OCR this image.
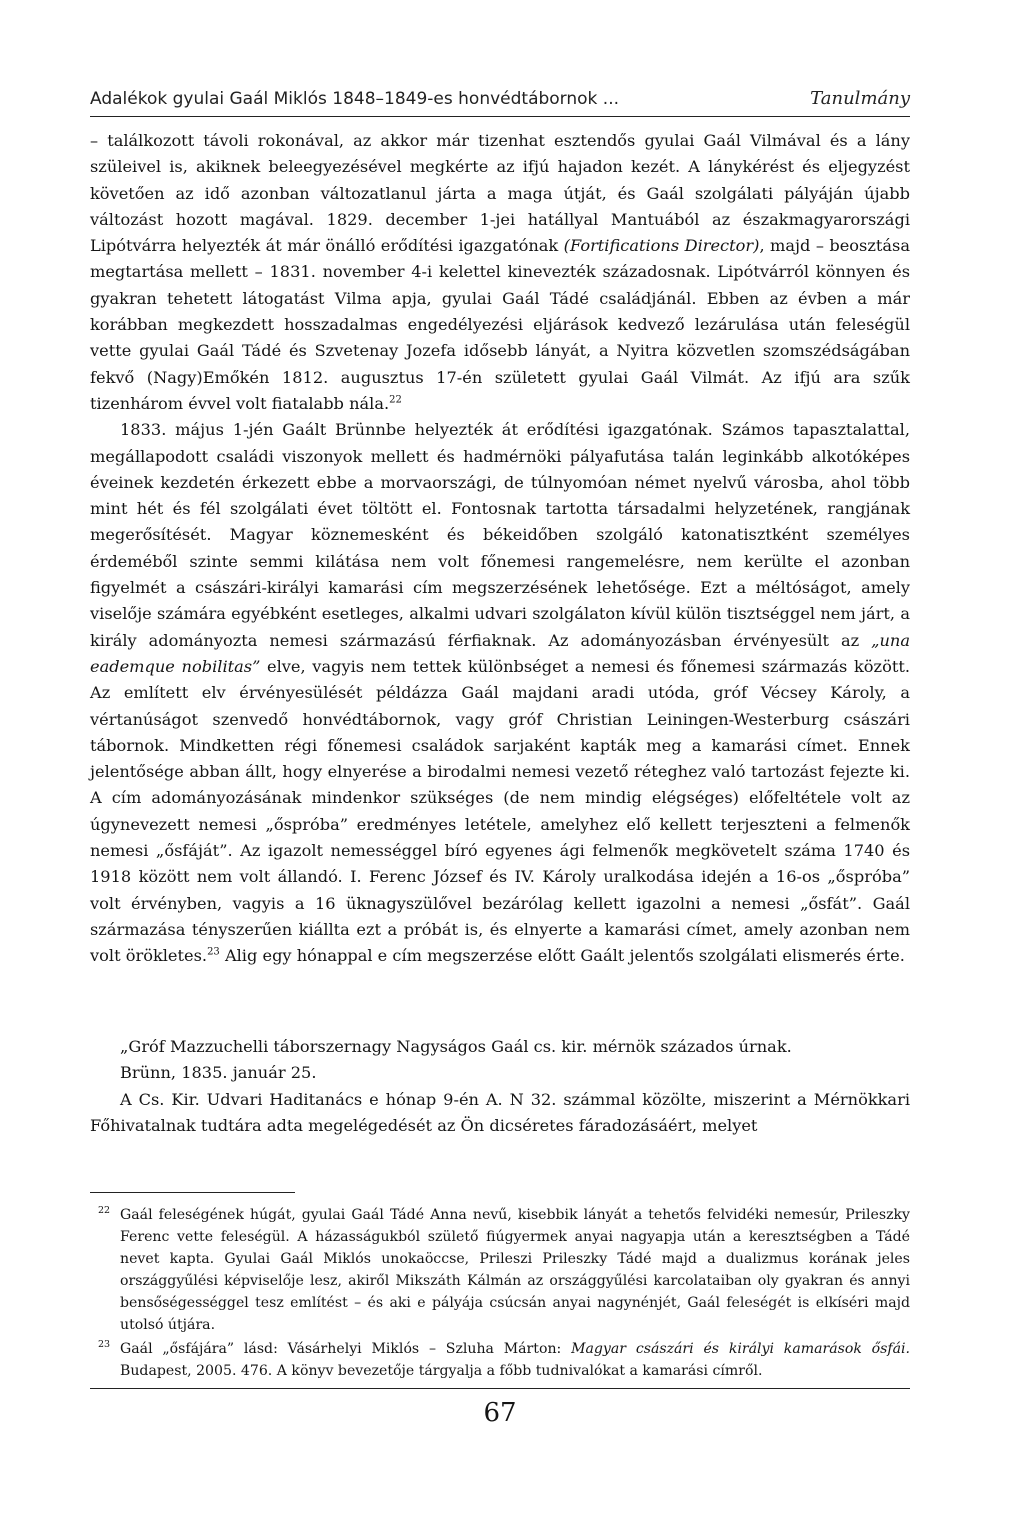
Adalékok gyulai Gaál Miklós 1848–1849-es honvédtábornok ...	Tanulmány

– találkozott távoli rokonával, az akkor már tizenhat esztendős gyulai Gaál Vilmával és a lány szüleivel is, akiknek beleegyezésével megkérte az ifjú hajadon kezét. A lánykérést és eljegyzést követően az idő azonban változatlanul járta a maga útját, és Gaál szolgálati pályáján újabb változást hozott magával. 1829. december 1-jei hatállyal Mantuából az északmagyarországi Lipótvárra helyezték át már önálló erődítési igazgatónak (Fortifications Director), majd – beosztása megtartása mellett – 1831. november 4-i kelettel kinevezték századosnak. Lipótvárról könnyen és gyakran tehetett látogatást Vilma apja, gyulai Gaál Tádé családjánál. Ebben az évben a már korábban megkezdett hosszadalmas engedélyezési eljárások kedvező lezárulása után feleségül vette gyulai Gaál Tádé és Szvetenay Jozefa idősebb lányát, a Nyitra közvetlen szomszédságában fekvő (Nagy)Emőkén 1812. augusztus 17-én született gyulai Gaál Vilmát. Az ifjú ara szűk tizenhárom évvel volt fiatalabb nála.$^{22}$

1833. május 1-jén Gaált Brünnbe helyezték át erődítési igazgatónak. Számos tapasztalattal, megállapodott családi viszonyok mellett és hadmérnöki pályafutása talán leginkább alkotóképes éveinek kezdetén érkezett ebbe a morvaországi, de túlnyomóan német nyelvű városba, ahol több mint hét és fél szolgálati évet töltött el. Fontosnak tartotta társadalmi helyzetének, rangjának megerősítését. Magyar köznemesként és békeidőben szolgáló katonatisztként személyes érdeméből szinte semmi kilátása nem volt főnemesi rangemelésre, nem kerülte el azonban figyelmét a császári-királyi kamarási cím megszerzésének lehetősége. Ezt a méltóságot, amely viselője számára egyébként esetleges, alkalmi udvari szolgálaton kívül külön tisztséggel nem járt, a király adományozta nemesi származású férfiaknak. Az adományozásban érvényesült az „una eademque nobilitas” elve, vagyis nem tettek különbséget a nemesi és főnemesi származás között. Az említett elv érvényesülését példázza Gaál majdani aradi utóda, gróf Vécsey Károly, a vértanúságot szenvedő honvédtábornok, vagy gróf Christian Leiningen-Westerburg császári tábornok. Mindketten régi főnemesi családok sarjaként kapták meg a kamarási címet. Ennek jelentősége abban állt, hogy elnyerése a birodalmi nemesi vezető réteghez való tartozást fejezte ki. A cím adományozásának mindenkor szükséges (de nem mindig elégséges) előfeltétele volt az úgynevezett nemesi „őspróba” eredményes letétele, amelyhez elő kellett terjeszteni a felmenők nemesi „ősfáját”. Az igazolt nemességgel bíró egyenes ági felmenők megkövetelt száma 1740 és 1918 között nem volt állandó. I. Ferenc József és IV. Károly uralkodása idején a 16-os „őspróba” volt érvényben, vagyis a 16 üknagyszülővel bezárólag kellett igazolni a nemesi „ősfát”. Gaál származása tényszerűen kiállta ezt a próbát is, és elnyerte a kamarási címet, amely azonban nem volt örökletes.$^{23}$ Alig egy hónappal e cím megszerzése előtt Gaált jelentős szolgálati elismerés érte.

„Gróf Mazzuchelli táborszernagy Nagyságos Gaál cs. kir. mérnök százados úrnak.

Brünn, 1835. január 25.

A Cs. Kir. Udvari Haditanács e hónap 9-én A. N 32. számmal közölte, miszerint a Mérnökkari Főhivatalnak tudtára adta megelégedését az Ön dicséretes fáradozásáért, melyet

22 Gaál feleségének húgát, gyulai Gaál Tádé Anna nevű, kisebbik lányát a tehetős felvidéki nemesúr, Prileszky Ferenc vette feleségül. A házasságukból születő fiúgyermek anyai nagyapja után a keresztségben a Tádé nevet kapta. Gyulai Gaál Miklós unokaöccse, Prileszi Prileszky Tádé majd a dualizmus korának jeles országgyűlési képviselője lesz, akiről Mikszáth Kálmán az országgyűlési karcolataiban oly gyakran és annyi bensőségességgel tesz említést – és aki e pályája csúcsán anyai nagynénjét, Gaál feleségét is elkíséri majd utolsó útjára.
23 Gaál „ősfájára” lásd: Vásárhelyi Miklós – Szluha Márton: Magyar császári és királyi kamarások ősfái. Budapest, 2005. 476. A könyv bevezetője tárgyalja a főbb tudnivalókat a kamarási címről.
67
